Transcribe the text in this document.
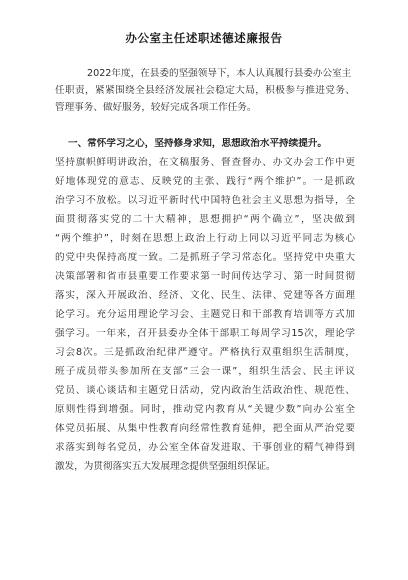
办公室主任述职述德述廉报告
2022年度，在县委的坚强领导下，本人认真履行县委办公室主
任职责，紧紧围绕全县经济发展社会稳定大局，积极参与推进党务、
管理事务、做好服务，较好完成各项工作任务。
一、常怀学习之心，坚持修身求知，思想政治水平持续提升。
坚持旗帜鲜明讲政治，在文稿服务、督查督办、办文办会工作中更
好地体现党的意志、反映党的主张、践行“两个维护”。一是抓政
治学习不放松。以习近平新时代中国特色社会主义思想为指导，全
面贯彻落实党的二十大精神，思想拥护“两个确立”，坚决做到
“两个维护”，时刻在思想上政治上行动上同以习近平同志为核心
的党中央保持高度一致。二是抓班子学习常态化。坚持党中央重大
决策部署和省市县重要工作要求第一时间传达学习、第一时间贯彻
落实，深入开展政治、经济、文化、民生、法律、党建等各方面理
论学习。充分运用理论学习会、主题党日和干部教育培训等方式加
强学习。一年来，召开县委办全体干部职工每周学习15次，理论学
习会8次。三是抓政治纪律严遵守。严格执行双重组织生活制度，
班子成员带头参加所在支部“三会一课”，组织生活会、民主评议
党员、谈心谈话和主题党日活动，党内政治生活政治性、规范性、
原则性得到增强。同时，推动党内教育从“关键少数”向办公室全
体党员拓展、从集中性教育向经常性教育延伸，把全面从严治党要
求落实到每名党员，办公室全体奋发进取、干事创业的精气神得到
激发，为贯彻落实五大发展理念提供坚强组织保证。
